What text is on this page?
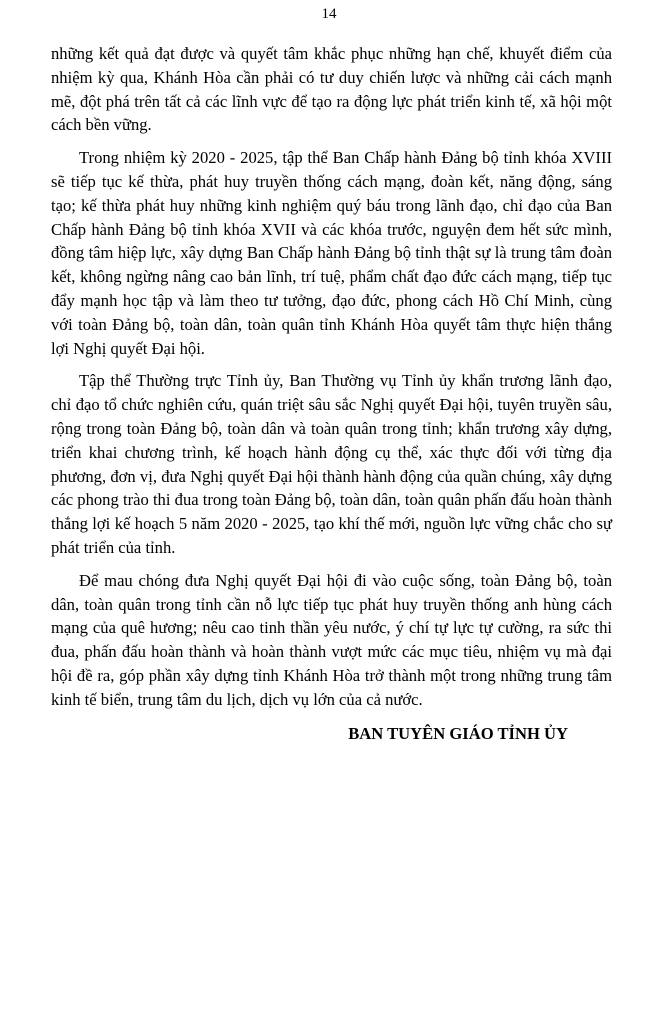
14

những kết quả đạt được và quyết tâm khắc phục những hạn chế, khuyết điểm của nhiệm kỳ qua, Khánh Hòa cần phải có tư duy chiến lược và những cải cách mạnh mẽ, đột phá trên tất cả các lĩnh vực để tạo ra động lực phát triển kinh tế, xã hội một cách bền vững.

Trong nhiệm kỳ 2020 - 2025, tập thể Ban Chấp hành Đảng bộ tỉnh khóa XVIII sẽ tiếp tục kế thừa, phát huy truyền thống cách mạng, đoàn kết, năng động, sáng tạo; kế thừa phát huy những kinh nghiệm quý báu trong lãnh đạo, chỉ đạo của Ban Chấp hành Đảng bộ tỉnh khóa XVII và các khóa trước, nguyện đem hết sức mình, đồng tâm hiệp lực, xây dựng Ban Chấp hành Đảng bộ tỉnh thật sự là trung tâm đoàn kết, không ngừng nâng cao bản lĩnh, trí tuệ, phẩm chất đạo đức cách mạng, tiếp tục đẩy mạnh học tập và làm theo tư tưởng, đạo đức, phong cách Hồ Chí Minh, cùng với toàn Đảng bộ, toàn dân, toàn quân tỉnh Khánh Hòa quyết tâm thực hiện thắng lợi Nghị quyết Đại hội.

Tập thể Thường trực Tỉnh ủy, Ban Thường vụ Tỉnh ủy khẩn trương lãnh đạo, chỉ đạo tổ chức nghiên cứu, quán triệt sâu sắc Nghị quyết Đại hội, tuyên truyền sâu, rộng trong toàn Đảng bộ, toàn dân và toàn quân trong tỉnh; khẩn trương xây dựng, triển khai chương trình, kế hoạch hành động cụ thể, xác thực đối với từng địa phương, đơn vị, đưa Nghị quyết Đại hội thành hành động của quần chúng, xây dựng các phong trào thi đua trong toàn Đảng bộ, toàn dân, toàn quân phấn đấu hoàn thành thắng lợi kế hoạch 5 năm 2020 - 2025, tạo khí thế mới, nguồn lực vững chắc cho sự phát triển của tỉnh.

Để mau chóng đưa Nghị quyết Đại hội đi vào cuộc sống, toàn Đảng bộ, toàn dân, toàn quân trong tỉnh cần nỗ lực tiếp tục phát huy truyền thống anh hùng cách mạng của quê hương; nêu cao tinh thần yêu nước, ý chí tự lực tự cường, ra sức thi đua, phấn đấu hoàn thành và hoàn thành vượt mức các mục tiêu, nhiệm vụ mà đại hội đề ra, góp phần xây dựng tỉnh Khánh Hòa trở thành một trong những trung tâm kinh tế biển, trung tâm du lịch, dịch vụ lớn của cả nước.

BAN TUYÊN GIÁO TỈNH ỦY
